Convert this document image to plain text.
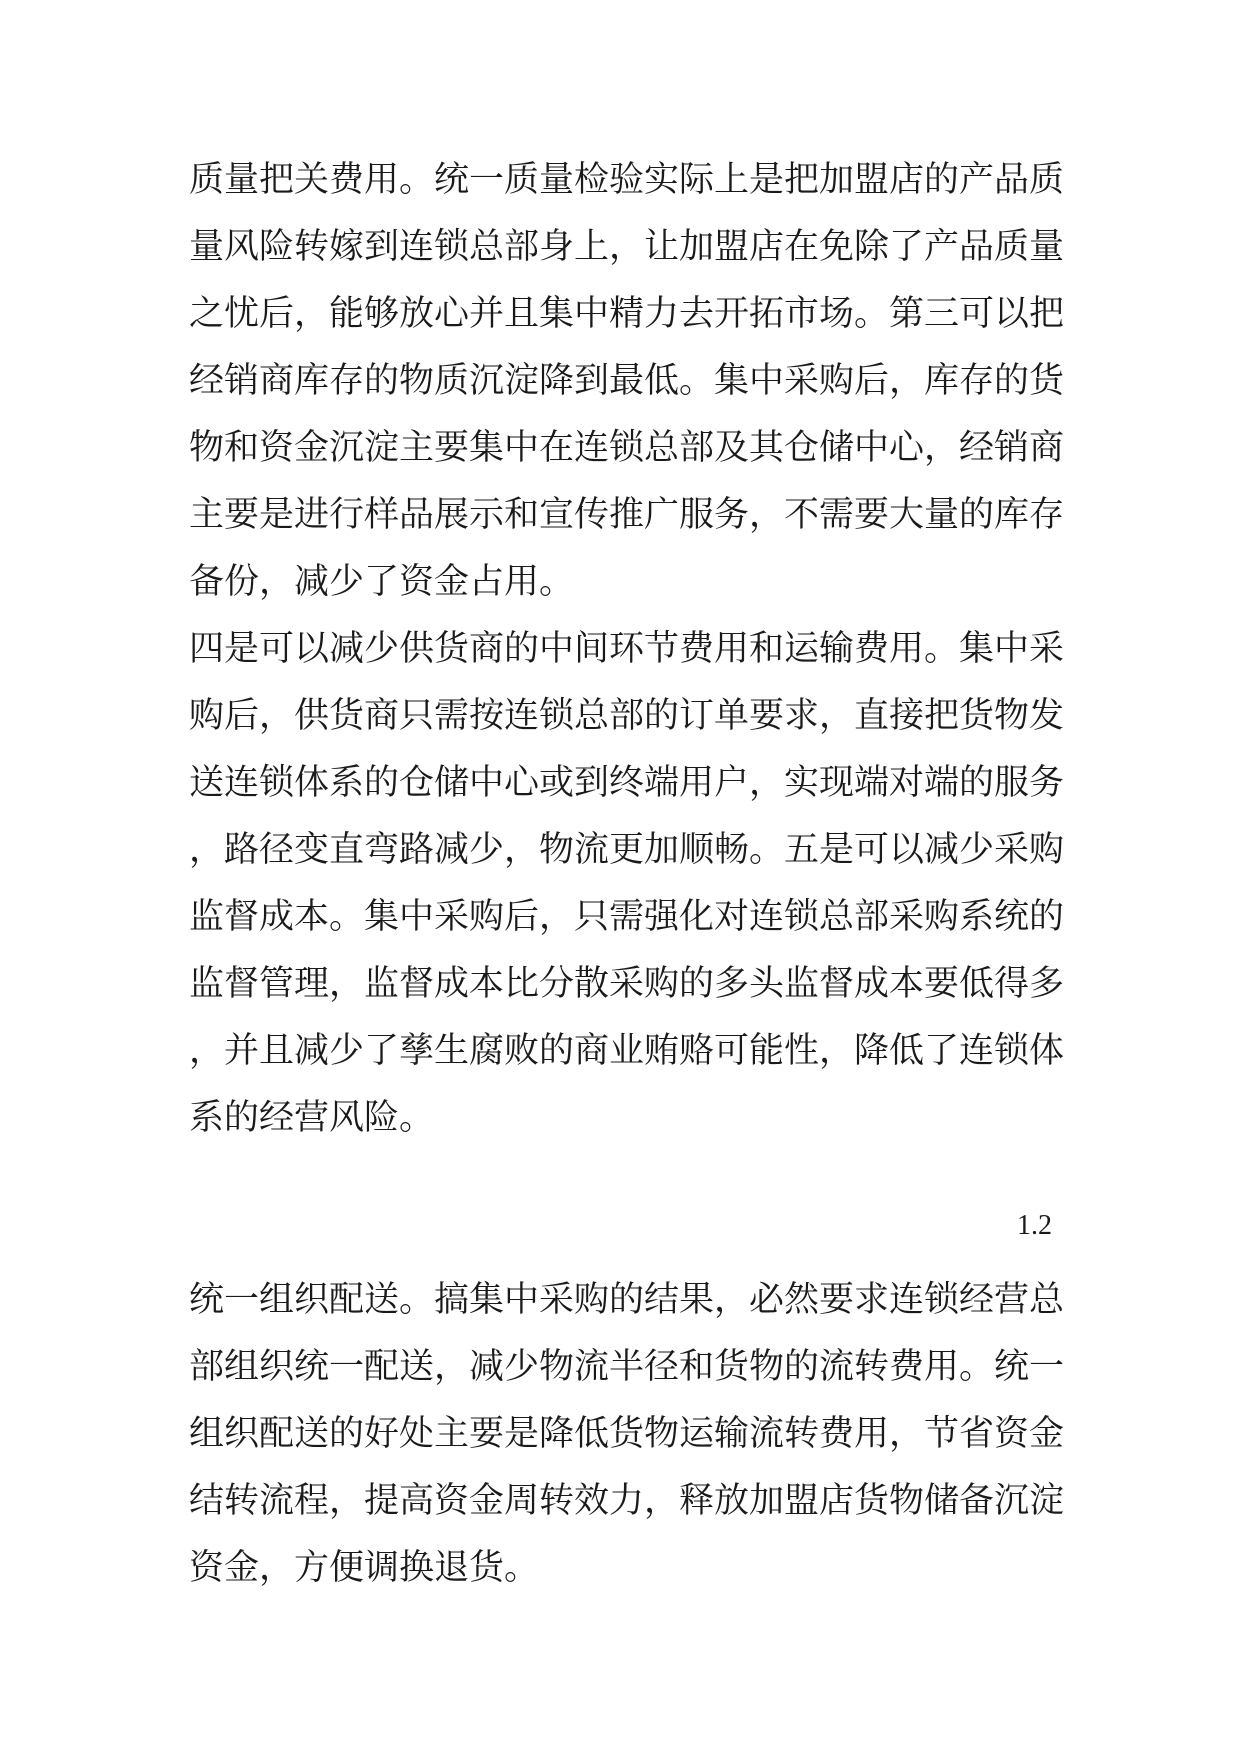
质量把关费用。统一质量检验实际上是把加盟店的产品质
量风险转嫁到连锁总部身上，让加盟店在免除了产品质量
之忧后，能够放心并且集中精力去开拓市场。第三可以把
经销商库存的物质沉淀降到最低。集中采购后，库存的货
物和资金沉淀主要集中在连锁总部及其仓储中心，经销商
主要是进行样品展示和宣传推广服务，不需要大量的库存
备份，减少了资金占用。
四是可以减少供货商的中间环节费用和运输费用。集中采
购后，供货商只需按连锁总部的订单要求，直接把货物发
送连锁体系的仓储中心或到终端用户，实现端对端的服务
，路径变直弯路减少，物流更加顺畅。五是可以减少采购
监督成本。集中采购后，只需强化对连锁总部采购系统的
监督管理，监督成本比分散采购的多头监督成本要低得多
，并且减少了孳生腐败的商业贿赂可能性，降低了连锁体
系的经营风险。
1.2
统一组织配送。搞集中采购的结果，必然要求连锁经营总
部组织统一配送，减少物流半径和货物的流转费用。统一
组织配送的好处主要是降低货物运输流转费用，节省资金
结转流程，提高资金周转效力，释放加盟店货物储备沉淀
资金，方便调换退货。
